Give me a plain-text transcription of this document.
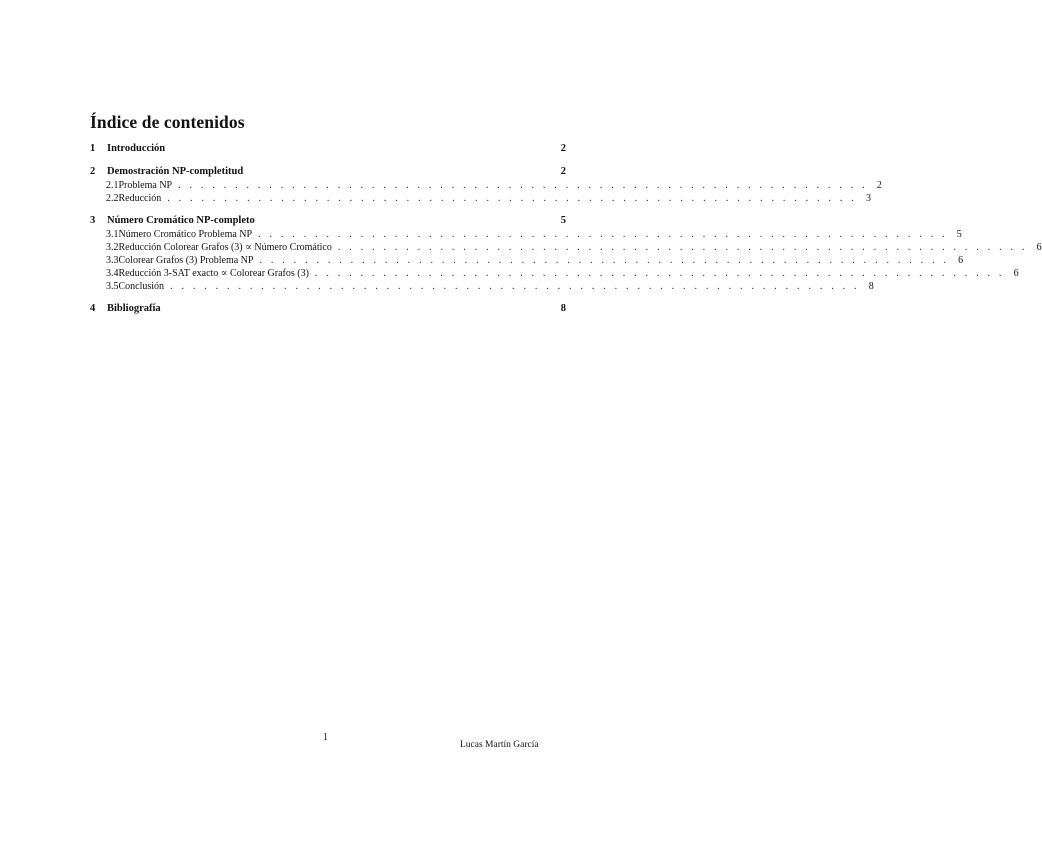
Índice de contenidos
1	Introducción	2
2	Demostración NP-completitud	2
2.1 Problema NP . . . . . . . . . . . . . . . . . . . . . . . . . . . . . . . . . . . . . . . . . . . . . . . . . . . . . . . . . . . . . 2
2.2 Reducción . . . . . . . . . . . . . . . . . . . . . . . . . . . . . . . . . . . . . . . . . . . . . . . . . . . . . . . . . . . . . 3
3	Número Cromático NP-completo	5
3.1 Número Cromático Problema NP . . . . . . . . . . . . . . . . . . . . . . . . . . . . . . . . . . . . . . . . . . . . . . . . . . . . . . . . . . . . . 5
3.2 Reducción Colorear Grafos (3) ∝ Número Cromático . . . . . . . . . . . . . . . . . . . . . . . . . . . . . . . . . . . . . . . . . . . . . . . . . . . . . . . . . . . . . 6
3.3 Colorear Grafos (3) Problema NP . . . . . . . . . . . . . . . . . . . . . . . . . . . . . . . . . . . . . . . . . . . . . . . . . . . . . . . . . . . . . 6
3.4 Reducción 3-SAT exacto ∝ Colorear Grafos (3) . . . . . . . . . . . . . . . . . . . . . . . . . . . . . . . . . . . . . . . . . . . . . . . . . . . . . . . . . . . . . 6
3.5 Conclusión . . . . . . . . . . . . . . . . . . . . . . . . . . . . . . . . . . . . . . . . . . . . . . . . . . . . . . . . . . . . . 8
4	Bibliografía	8
1
Lucas Martín García
